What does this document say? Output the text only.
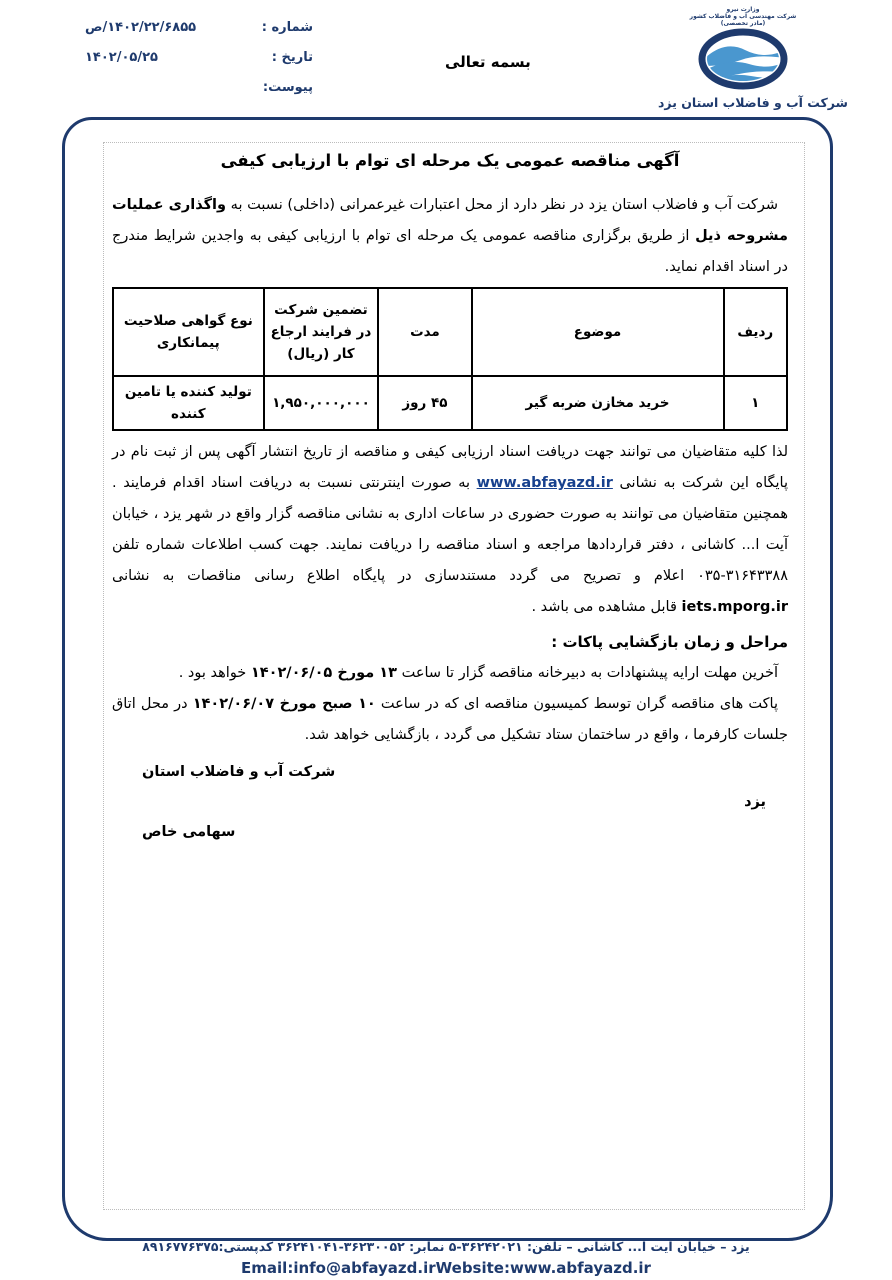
شماره :
۱۴۰۲/۲۲/۶۸۵۵/ص
تاریخ :
۱۴۰۲/۰۵/۲۵
پیوست:
بسمه تعالی
وزارت نیرو
شرکت مهندسی آب و فاضلاب کشور
(مادر تخصصی)
شرکت آب و فاضلاب استان یزد
آگهی مناقصه عمومی یک مرحله ای توام با ارزیابی کیفی
شرکت آب و فاضلاب استان یزد در نظر دارد از محل اعتبارات غیرعمرانی (داخلی) نسبت به واگذاری عملیات مشروحه ذیل از طریق برگزاری مناقصه عمومی یک مرحله ای توام با ارزیابی کیفی به واجدین شرایط مندرج در اسناد اقدام نماید.
ردیف	موضوع	مدت	تضمین شرکت در فرایند ارجاع کار (ریال)	نوع گواهی صلاحیت پیمانکاری
۱	خرید مخازن ضربه گیر	۴۵ روز	۱,۹۵۰,۰۰۰,۰۰۰	تولید کننده یا تامین کننده
لذا کلیه متقاضیان می توانند جهت دریافت اسناد ارزیابی کیفی و مناقصه از تاریخ انتشار آگهی پس از ثبت نام در پایگاه این شرکت به نشانی www.abfayazd.ir به صورت اینترنتی نسبت به دریافت اسناد اقدام فرمایند . همچنین متقاضیان می توانند به صورت حضوری در ساعات اداری به نشانی مناقصه گزار واقع در شهر یزد ، خیابان آیت ا... کاشانی ، دفتر قراردادها مراجعه و اسناد مناقصه را دریافت نمایند. جهت کسب اطلاعات شماره تلفن ۰۳۵-۳۱۶۴۳۳۸۸ اعلام و تصریح می گردد مستندسازی در پایگاه اطلاع رسانی مناقصات به نشانی iets.mporg.ir قابل مشاهده می باشد .
مراحل و زمان بازگشایی پاکات :
آخرین مهلت ارایه پیشنهادات به دبیرخانه مناقصه گزار تا ساعت ۱۳ مورخ ۱۴۰۲/۰۶/۰۵ خواهد بود .
پاکت های مناقصه گران توسط کمیسیون مناقصه ای که در ساعت ۱۰ صبح مورخ ۱۴۰۲/۰۶/۰۷ در محل اتاق جلسات کارفرما ، واقع در ساختمان ستاد تشکیل می گردد ، بازگشایی خواهد شد.
شرکت آب و فاضلاب استان
یزد
سهامی خاص
یزد – خیابان آیت ا... کاشانی – تلفن: ۵-۳۶۲۴۲۰۲۱ نمابر: ۳۶۲۴۱۰۴۱-۳۶۲۳۰۰۵۲ کدپستی:۸۹۱۶۷۷۶۳۷۵
Email:info@abfayazd.irWebsite:www.abfayazd.ir
